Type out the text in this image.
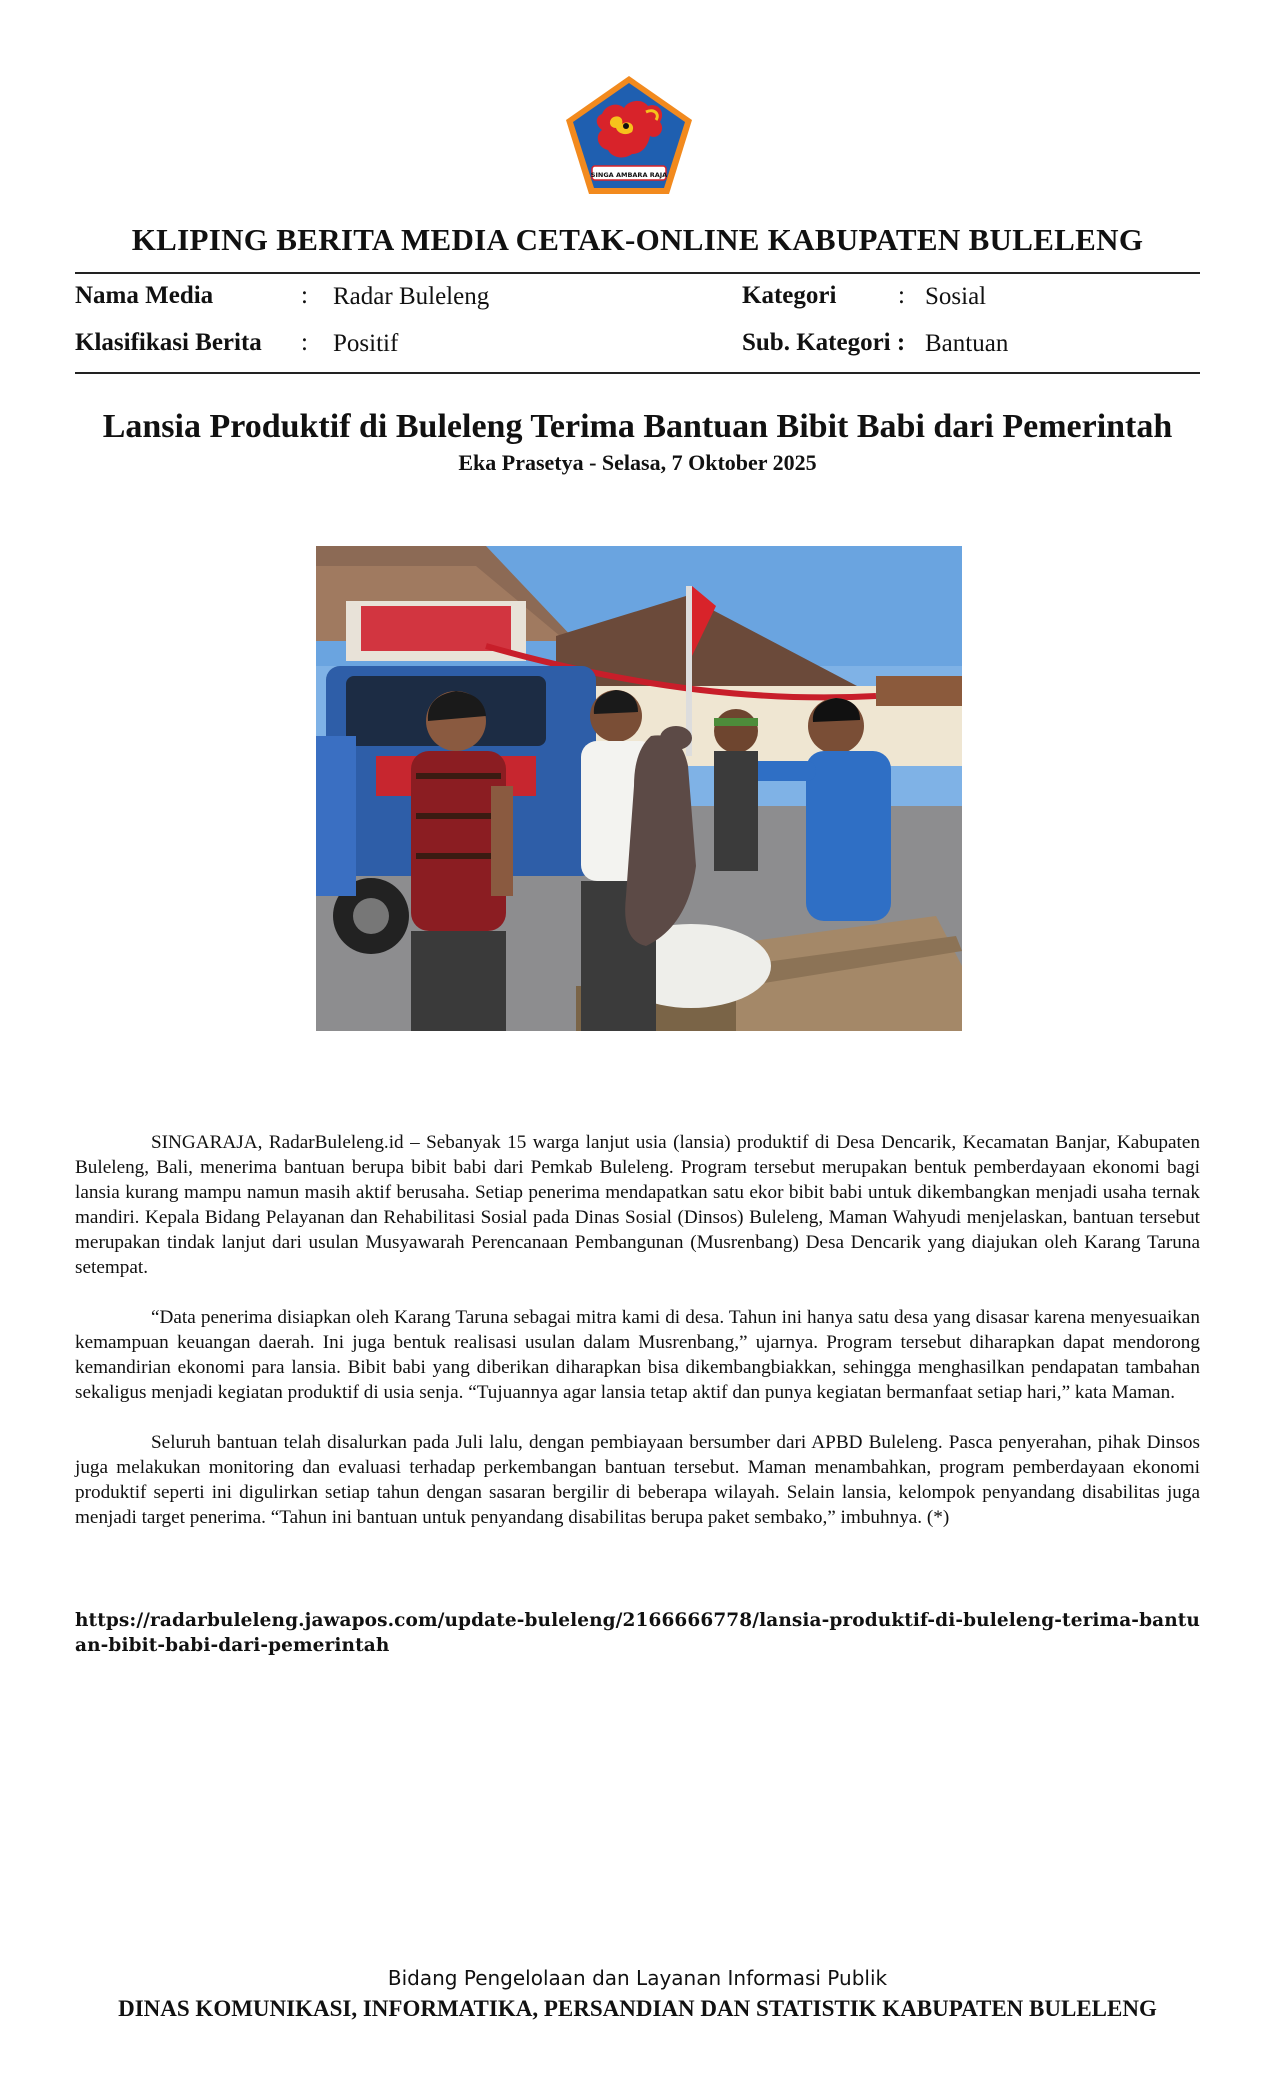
SINGA AMBARA RAJA
KLIPING BERITA MEDIA CETAK-ONLINE KABUPATEN BULELENG
Nama Media	: Radar Buleleng
Klasifikasi Berita : Positif
Kategori : Sosial
Sub. Kategori : Bantuan
Lansia Produktif di Buleleng Terima Bantuan Bibit Babi dari Pemerintah
Eka Prasetya - Selasa, 7 Oktober 2025

SINGARAJA, RadarBuleleng.id – Sebanyak 15 warga lanjut usia (lansia) produktif di Desa Dencarik, Kecamatan Banjar, Kabupaten Buleleng, Bali, menerima bantuan berupa bibit babi dari Pemkab Buleleng. Program tersebut merupakan bentuk pemberdayaan ekonomi bagi lansia kurang mampu namun masih aktif berusaha. Setiap penerima mendapatkan satu ekor bibit babi untuk dikembangkan menjadi usaha ternak mandiri. Kepala Bidang Pelayanan dan Rehabilitasi Sosial pada Dinas Sosial (Dinsos) Buleleng, Maman Wahyudi menjelaskan, bantuan tersebut merupakan tindak lanjut dari usulan Musyawarah Perencanaan Pembangunan (Musrenbang) Desa Dencarik yang diajukan oleh Karang Taruna setempat.

“Data penerima disiapkan oleh Karang Taruna sebagai mitra kami di desa. Tahun ini hanya satu desa yang disasar karena menyesuaikan kemampuan keuangan daerah. Ini juga bentuk realisasi usulan dalam Musrenbang,” ujarnya. Program tersebut diharapkan dapat mendorong kemandirian ekonomi para lansia. Bibit babi yang diberikan diharapkan bisa dikembangbiakkan, sehingga menghasilkan pendapatan tambahan sekaligus menjadi kegiatan produktif di usia senja. “Tujuannya agar lansia tetap aktif dan punya kegiatan bermanfaat setiap hari,” kata Maman.

Seluruh bantuan telah disalurkan pada Juli lalu, dengan pembiayaan bersumber dari APBD Buleleng. Pasca penyerahan, pihak Dinsos juga melakukan monitoring dan evaluasi terhadap perkembangan bantuan tersebut. Maman menambahkan, program pemberdayaan ekonomi produktif seperti ini digulirkan setiap tahun dengan sasaran bergilir di beberapa wilayah. Selain lansia, kelompok penyandang disabilitas juga menjadi target penerima. “Tahun ini bantuan untuk penyandang disabilitas berupa paket sembako,” imbuhnya. (*)

https://radarbuleleng.jawapos.com/update-buleleng/2166666778/lansia-produktif-di-buleleng-terima-bantuan-bibit-babi-dari-pemerintah
Bidang Pengelolaan dan Layanan Informasi Publik
DINAS KOMUNIKASI, INFORMATIKA, PERSANDIAN DAN STATISTIK KABUPATEN BULELENG
